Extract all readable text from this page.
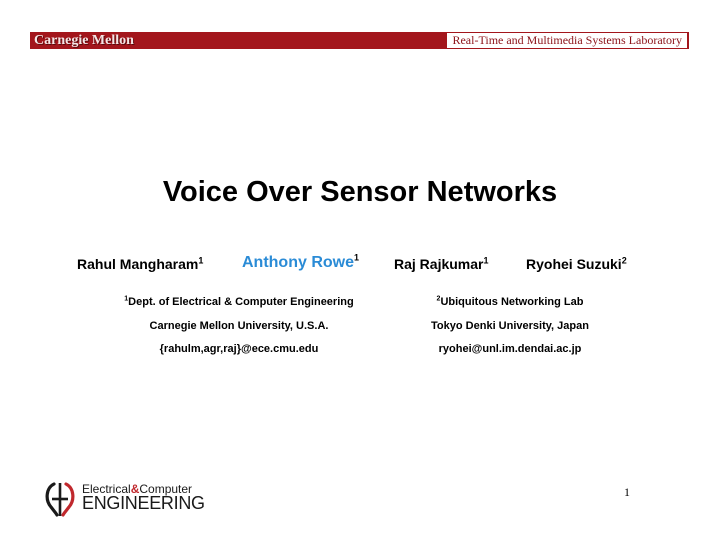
Carnegie Mellon	Real-Time and Multimedia Systems Laboratory
Voice Over Sensor Networks
Rahul Mangharam$^1$ Anthony Rowe$^1$ Raj Rajkumar$^1$	Ryohei Suzuki$^2$
$^1$Dept. of Electrical & Computer Engineering
Carnegie Mellon University, U.S.A.
{rahulm,agr,raj}@ece.cmu.edu
$^2$Ubiquitous Networking Lab
Tokyo Denki University, Japan
ryohei@unl.im.dendai.ac.jp
Electrical&Computer
ENGINEERING
1
